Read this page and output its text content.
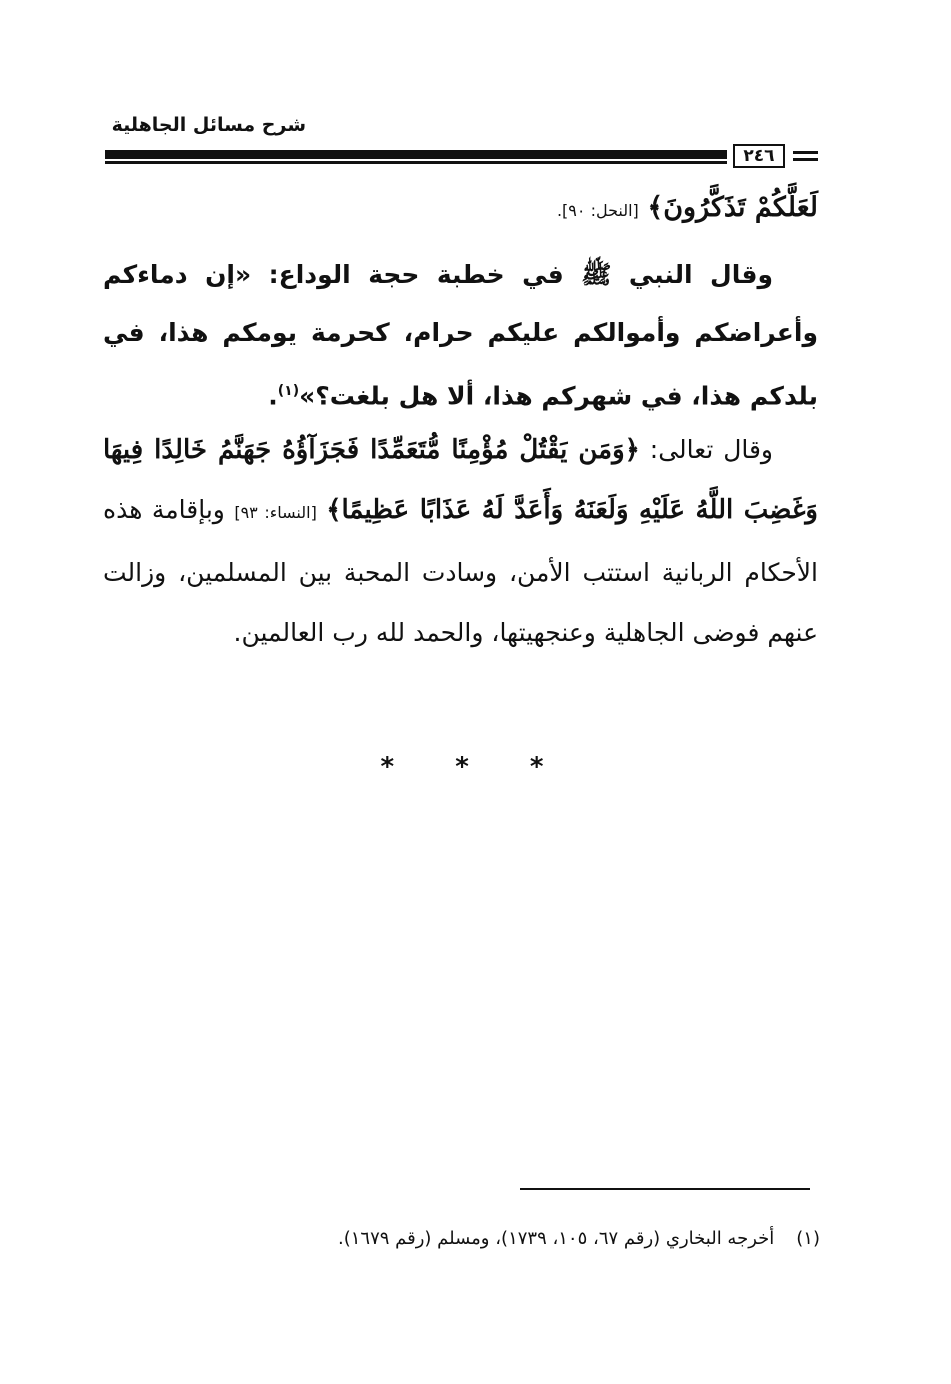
شرح مسائل الجاهلية
٢٤٦
لَعَلَّكُمْ تَذَكَّرُونَ﴾ [النحل: ٩٠].
وقال النبي ﷺ في خطبة حجة الوداع: «إن دماءكم وأعراضكم وأموالكم عليكم حرام، كحرمة يومكم هذا، في بلدكم هذا، في شهركم هذا، ألا هل بلغت؟»$^{(١)}$.
وقال تعالى: ﴿وَمَن يَقْتُلْ مُؤْمِنًا مُّتَعَمِّدًا فَجَزَآؤُهُ جَهَنَّمُ خَالِدًا فِيهَا وَغَضِبَ اللَّهُ عَلَيْهِ وَلَعَنَهُ وَأَعَدَّ لَهُ عَذَابًا عَظِيمًا﴾ [النساء: ٩٣] وبإقامة هذه الأحكام الربانية استتب الأمن، وسادت المحبة بين المسلمين، وزالت عنهم فوضى الجاهلية وعنجهيتها، والحمد لله رب العالمين.
* * *
(١)أخرجه البخاري (رقم ٦٧، ١٠٥، ١٧٣٩)، ومسلم (رقم ١٦٧٩).
